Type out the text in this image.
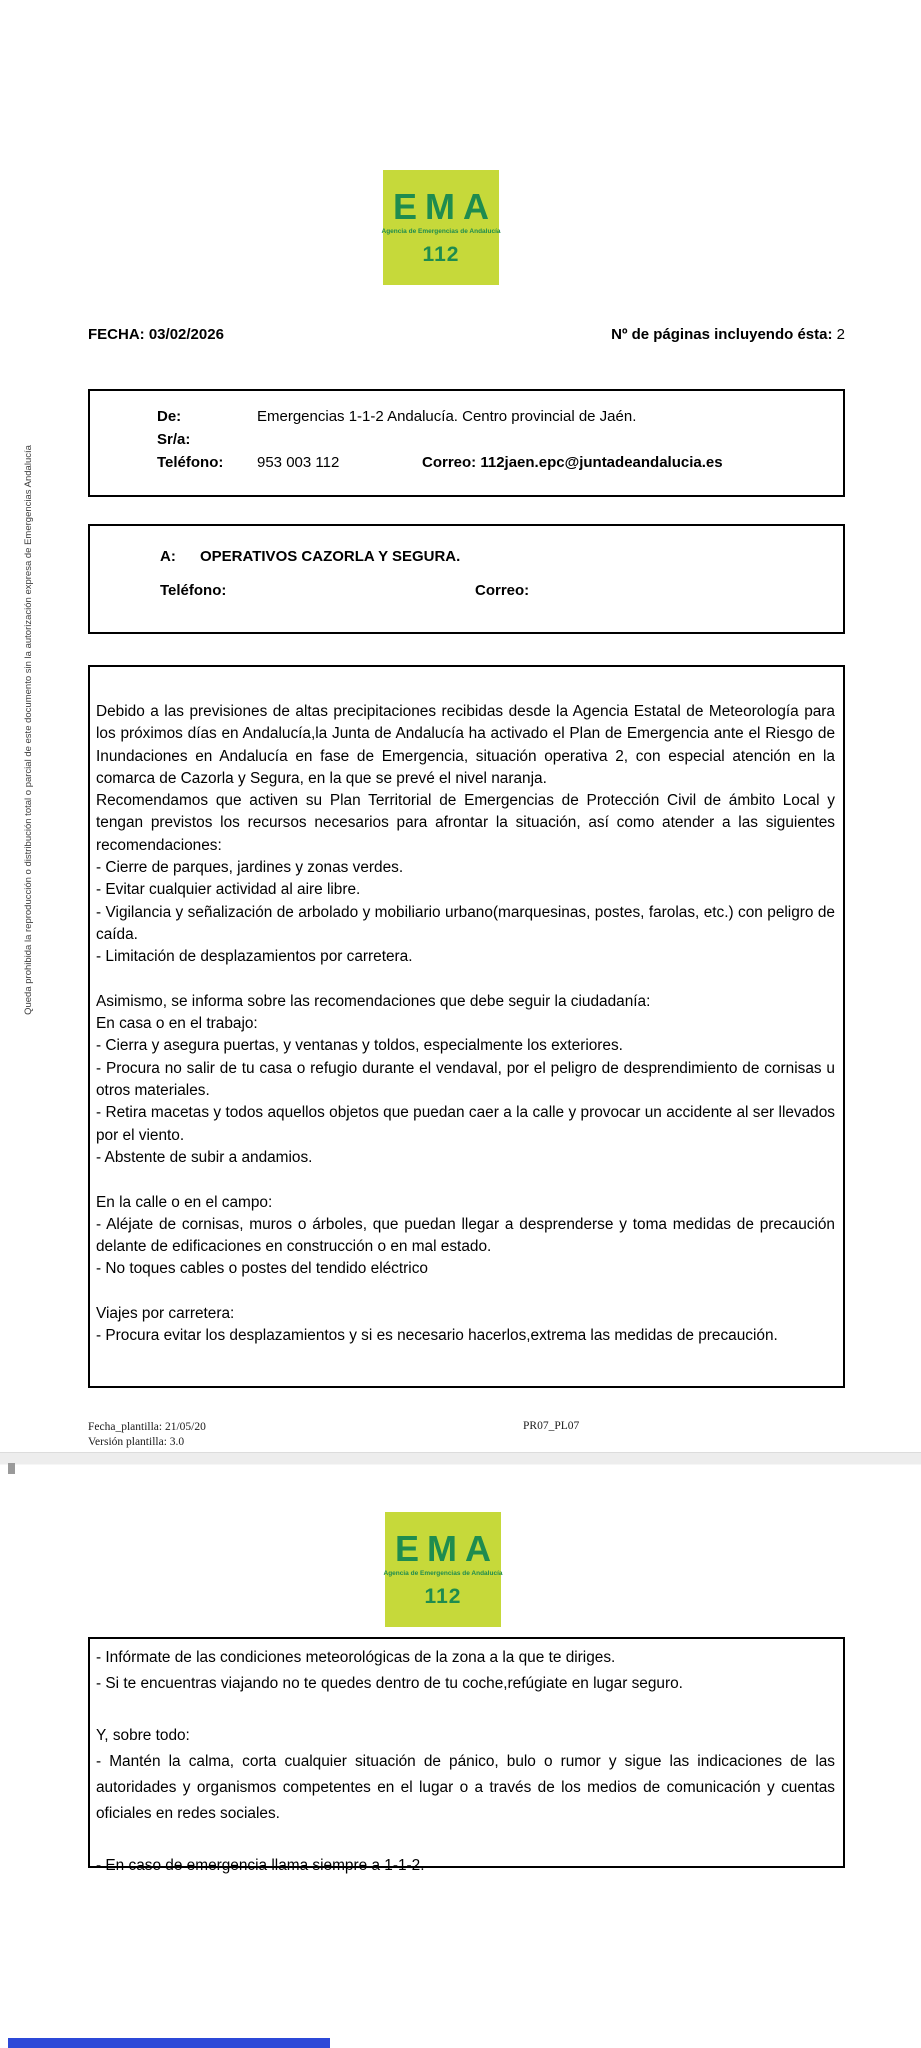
Queda prohibida la reproducción o distribución total o parcial de este documento sin la autorización expresa de Emergencias Andalucía
EMA
Agencia de Emergencias de Andalucía
112
FECHA: 03/02/2026	Nº de páginas incluyendo ésta: 2
De:	Emergencias 1-1-2 Andalucía. Centro provincial de Jaén.
Sr/a:
Teléfono:	953 003 112	Correo: 112jaen.epc@juntadeandalucia.es
A:	OPERATIVOS CAZORLA Y SEGURA.
Teléfono:	Correo:
Debido a las previsiones de altas precipitaciones recibidas desde la Agencia Estatal de Meteorología para los próximos días en Andalucía,la Junta de Andalucía ha activado el Plan de Emergencia ante el Riesgo de Inundaciones en Andalucía en fase de Emergencia, situación operativa 2, con especial atención en la comarca de Cazorla y Segura, en la que se prevé el nivel naranja.
Recomendamos que activen su Plan Territorial de Emergencias de Protección Civil de ámbito Local y tengan previstos los recursos necesarios para afrontar la situación, así como atender a las siguientes recomendaciones:
- Cierre de parques, jardines y zonas verdes.
- Evitar cualquier actividad al aire libre.
- Vigilancia y señalización de arbolado y mobiliario urbano(marquesinas, postes, farolas, etc.) con peligro de caída.
- Limitación de desplazamientos por carretera.
Asimismo, se informa sobre las recomendaciones que debe seguir la ciudadanía:
En casa o en el trabajo:
- Cierra y asegura puertas, y ventanas y toldos, especialmente los exteriores.
- Procura no salir de tu casa o refugio durante el vendaval, por el peligro de desprendimiento de cornisas u otros materiales.
- Retira macetas y todos aquellos objetos que puedan caer a la calle y provocar un accidente al ser llevados por el viento.
- Abstente de subir a andamios.
En la calle o en el campo:
- Aléjate de cornisas, muros o árboles, que puedan llegar a desprenderse y toma medidas de precaución delante de edificaciones en construcción o en mal estado.
- No toques cables o postes del tendido eléctrico
Viajes por carretera:
- Procura evitar los desplazamientos y si es necesario hacerlos,extrema las medidas de precaución.
Fecha_plantilla: 21/05/20
Versión plantilla: 3.0
PR07_PL07
EMA
Agencia de Emergencias de Andalucía
112
- Infórmate de las condiciones meteorológicas de la zona a la que te diriges.
- Si te encuentras viajando no te quedes dentro de tu coche,refúgiate en lugar seguro.
Y, sobre todo:
- Mantén la calma, corta cualquier situación de pánico, bulo o rumor y sigue las indicaciones de las autoridades y organismos competentes en el lugar o a través de los medios de comunicación y cuentas oficiales en redes sociales.
- En caso de emergencia llama siempre a 1-1-2.
